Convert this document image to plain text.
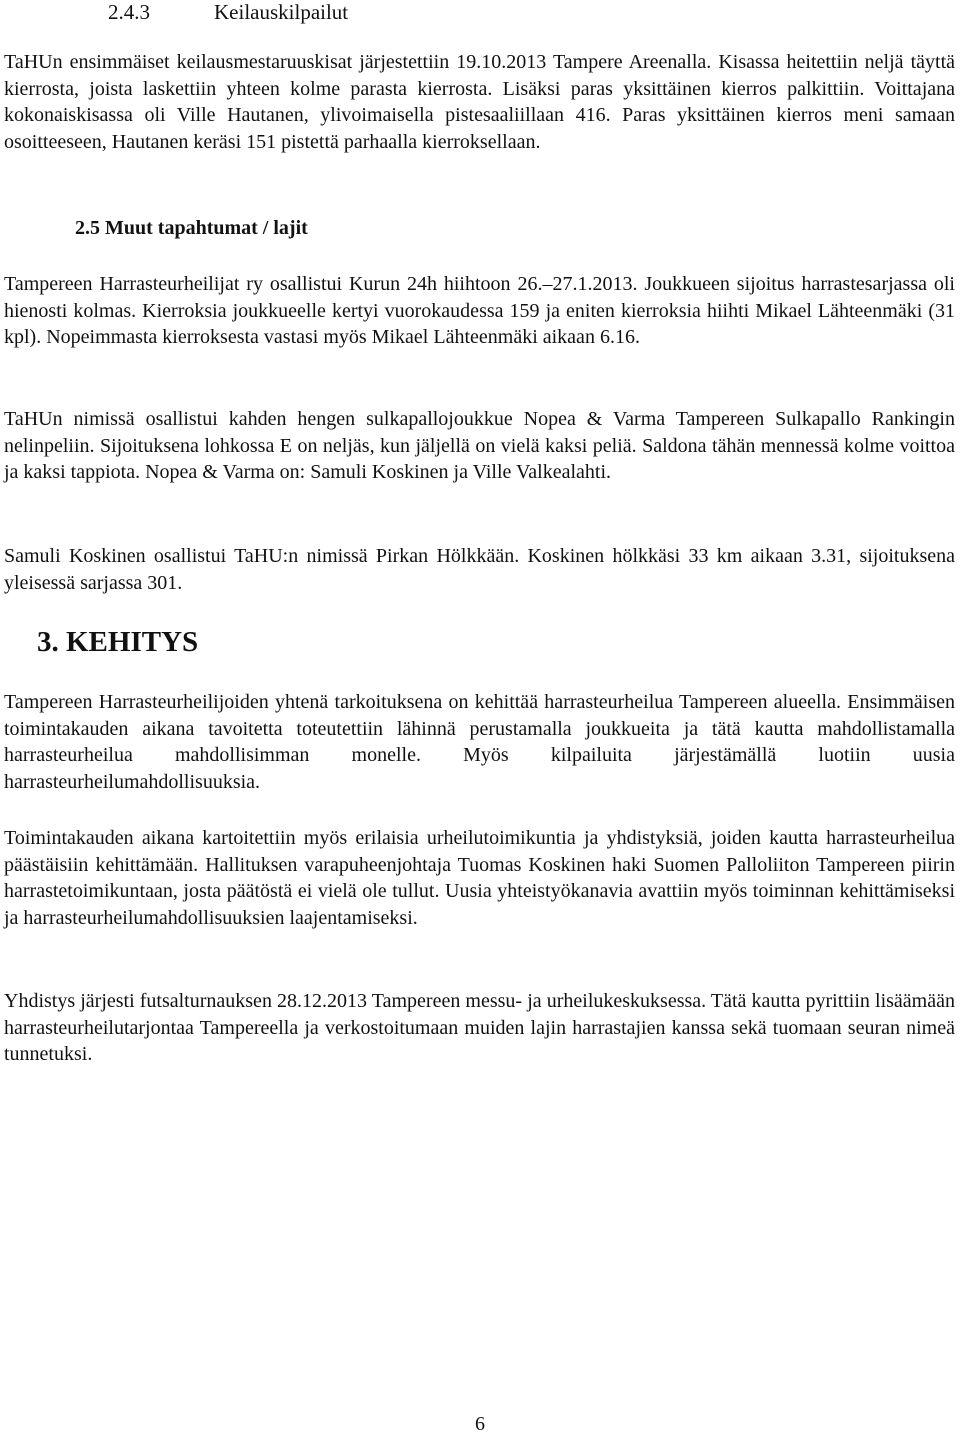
2.4.3	Keilauskilpailut

TaHUn ensimmäiset keilausmestaruuskisat järjestettiin 19.10.2013 Tampere Areenalla. Kisassa heitettiin neljä täyttä kierrosta, joista laskettiin yhteen kolme parasta kierrosta. Lisäksi paras yksittäinen kierros palkittiin. Voittajana kokonaiskisassa oli Ville Hautanen, ylivoimaisella pistesaaliillaan 416. Paras yksittäinen kierros meni samaan osoitteeseen, Hautanen keräsi 151 pistettä parhaalla kierroksellaan.

2.5 Muut tapahtumat / lajit

Tampereen Harrasteurheilijat ry osallistui Kurun 24h hiihtoon 26.–27.1.2013. Joukkueen sijoitus harrastesarjassa oli hienosti kolmas. Kierroksia joukkueelle kertyi vuorokaudessa 159 ja eniten kierroksia hiihti Mikael Lähteenmäki (31 kpl). Nopeimmasta kierroksesta vastasi myös Mikael Lähteenmäki aikaan 6.16.

TaHUn nimissä osallistui kahden hengen sulkapallojoukkue Nopea & Varma Tampereen Sulkapallo Rankingin nelinpeliin. Sijoituksena lohkossa E on neljäs, kun jäljellä on vielä kaksi peliä. Saldona tähän mennessä kolme voittoa ja kaksi tappiota. Nopea & Varma on: Samuli Koskinen ja Ville Valkealahti.

Samuli Koskinen osallistui TaHU:n nimissä Pirkan Hölkkään. Koskinen hölkkäsi 33 km aikaan 3.31, sijoituksena yleisessä sarjassa 301.

3. KEHITYS

Tampereen Harrasteurheilijoiden yhtenä tarkoituksena on kehittää harrasteurheilua Tampereen alueella. Ensimmäisen toimintakauden aikana tavoitetta toteutettiin lähinnä perustamalla joukkueita ja tätä kautta mahdollistamalla harrasteurheilua mahdollisimman monelle. Myös kilpailuita järjestämällä luotiin uusia harrasteurheilumahdollisuuksia.

Toimintakauden aikana kartoitettiin myös erilaisia urheilutoimikuntia ja yhdistyksiä, joiden kautta harrasteurheilua päästäisiin kehittämään. Hallituksen varapuheenjohtaja Tuomas Koskinen haki Suomen Palloliiton Tampereen piirin harrastetoimikuntaan, josta päätöstä ei vielä ole tullut. Uusia yhteistyökanavia avattiin myös toiminnan kehittämiseksi ja harrasteurheilumahdollisuuksien laajentamiseksi.

Yhdistys järjesti futsalturnauksen 28.12.2013 Tampereen messu- ja urheilukeskuksessa. Tätä kautta pyrittiin lisäämään harrasteurheilutarjontaa Tampereella ja verkostoitumaan muiden lajin harrastajien kanssa sekä tuomaan seuran nimeä tunnetuksi.

6
